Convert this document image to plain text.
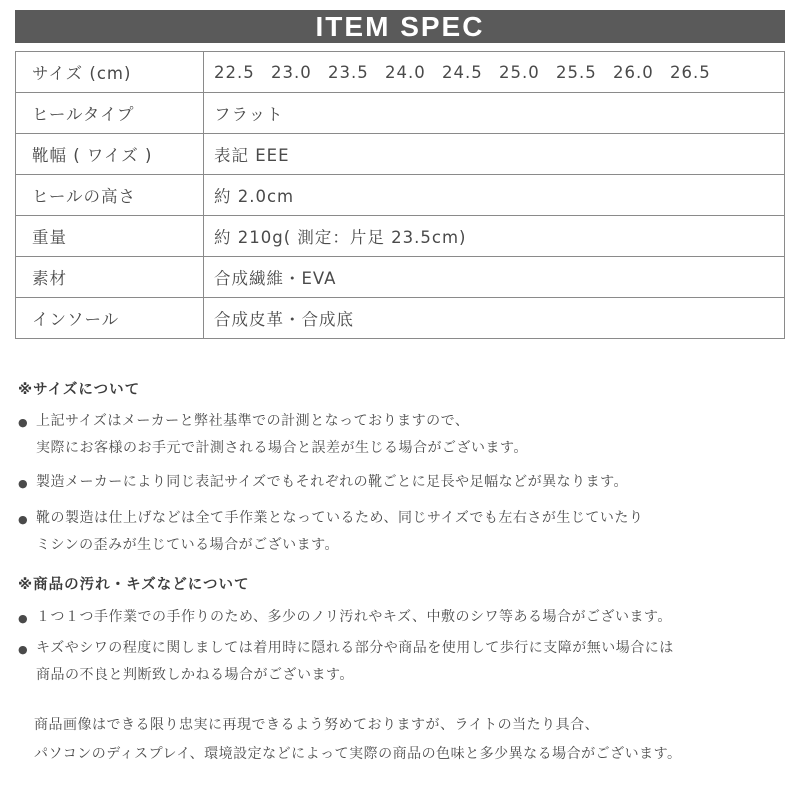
ITEM SPEC
サイズ (cm)	22.5 23.0 23.5 24.0 24.5 25.0 25.5 26.0 26.5
ヒールタイプ	フラット
靴幅 ( ワイズ )	表記 EEE
ヒールの高さ	約 2.0cm
重量	約 210g( 測定：片足 23.5cm)
素材	合成繊維・EVA
インソール	合成皮革・合成底
※サイズについて
● 上記サイズはメーカーと弊社基準での計測となっておりますので、
実際にお客様のお手元で計測される場合と誤差が生じる場合がございます。
● 製造メーカーにより同じ表記サイズでもそれぞれの靴ごとに足長や足幅などが異なります。
● 靴の製造は仕上げなどは全て手作業となっているため、同じサイズでも左右さが生じていたり
ミシンの歪みが生じている場合がございます。
※商品の汚れ・キズなどについて
● １つ１つ手作業での手作りのため、多少のノリ汚れやキズ、中敷のシワ等ある場合がございます。
● キズやシワの程度に関しましては着用時に隠れる部分や商品を使用して歩行に支障が無い場合には
商品の不良と判断致しかねる場合がございます。
商品画像はできる限り忠実に再現できるよう努めておりますが、ライトの当たり具合、
パソコンのディスプレイ、環境設定などによって実際の商品の色味と多少異なる場合がございます。
